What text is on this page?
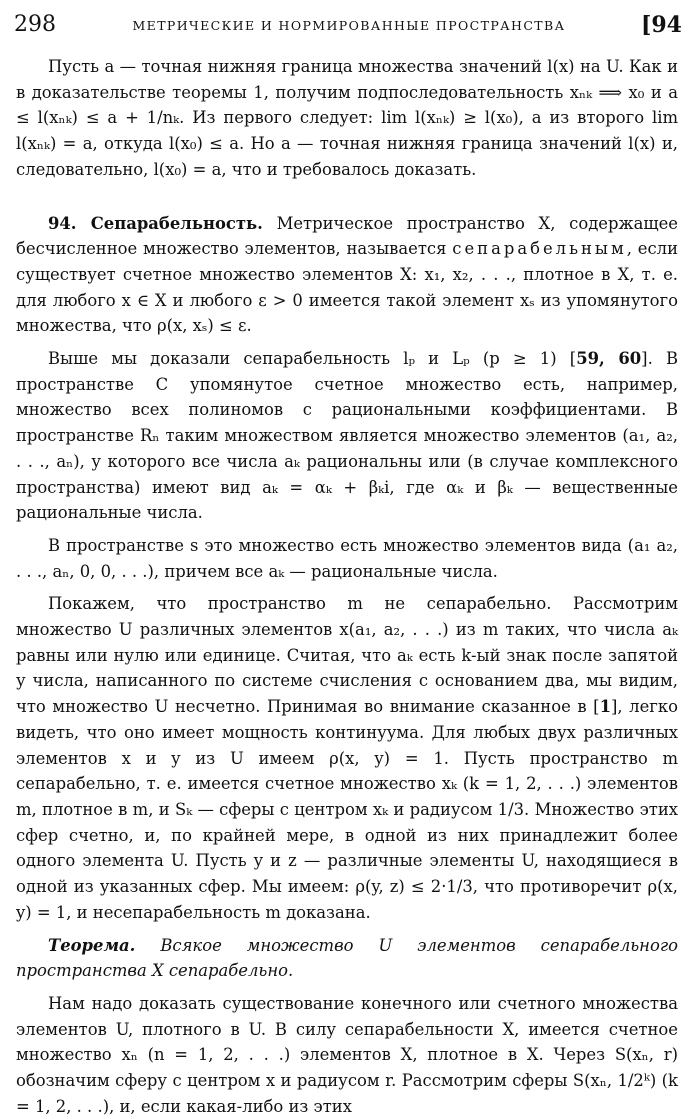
298	МЕТРИЧЕСКИЕ И НОРМИРОВАННЫЕ ПРОСТРАНСТВА	[94

Пусть a — точная нижняя граница множества значений l(x) на U. Как и в доказательстве теоремы 1, получим подпоследовательность xₙₖ ⟹ x₀ и a ≤ l(xₙₖ) ≤ a + 1/nₖ. Из первого следует: lim l(xₙₖ) ≥ l(x₀), а из второго lim l(xₙₖ) = a, откуда l(x₀) ≤ a. Но a — точная нижняя граница значений l(x) и, следовательно, l(x₀) = a, что и требовалось доказать.

94. Сепарабельность. Метрическое пространство X, содержащее бесчисленное множество элементов, называется сепарабельным, если существует счетное множество элементов X: x₁, x₂, . . ., плотное в X, т. е. для любого x ∈ X и любого ε > 0 имеется такой элемент xₛ из упомянутого множества, что ρ(x, xₛ) ≤ ε.

Выше мы доказали сепарабельность lₚ и Lₚ (p ≥ 1) [59, 60]. В пространстве C упомянутое счетное множество есть, например, множество всех полиномов с рациональными коэффициентами. В пространстве Rₙ таким множеством является множество элементов (a₁, a₂, . . ., aₙ), у которого все числа aₖ рациональны или (в случае комплексного пространства) имеют вид aₖ = αₖ + βₖi, где αₖ и βₖ — вещественные рациональные числа.

В пространстве s это множество есть множество элементов вида (a₁ a₂, . . ., aₙ, 0, 0, . . .), причем все aₖ — рациональные числа.

Покажем, что пространство m не сепарабельно. Рассмотрим множество U различных элементов x(a₁, a₂, . . .) из m таких, что числа aₖ равны или нулю или единице. Считая, что aₖ есть k-ый знак после запятой у числа, написанного по системе счисления с основанием два, мы видим, что множество U несчетно. Принимая во внимание сказанное в [1], легко видеть, что оно имеет мощность континуума. Для любых двух различных элементов x и y из U имеем ρ(x, y) = 1. Пусть пространство m сепарабельно, т. е. имеется счетное множество xₖ (k = 1, 2, . . .) элементов m, плотное в m, и Sₖ — сферы с центром xₖ и радиусом 1/3. Множество этих сфер счетно, и, по крайней мере, в одной из них принадлежит более одного элемента U. Пусть y и z — различные элементы U, находящиеся в одной из указанных сфер. Мы имеем: ρ(y, z) ≤ 2·1/3, что противоречит ρ(x, y) = 1, и несепарабельность m доказана.

Теорема. Всякое множество U элементов сепарабельного пространства X сепарабельно.

Нам надо доказать существование конечного или счетного множества элементов U, плотного в U. В силу сепарабельности X, имеется счетное множество xₙ (n = 1, 2, . . .) элементов X, плотное в X. Через S(xₙ, r) обозначим сферу с центром x и радиусом r. Рассмотрим сферы S(xₙ, 1/2ᵏ) (k = 1, 2, . . .), и, если какая-либо из этих
